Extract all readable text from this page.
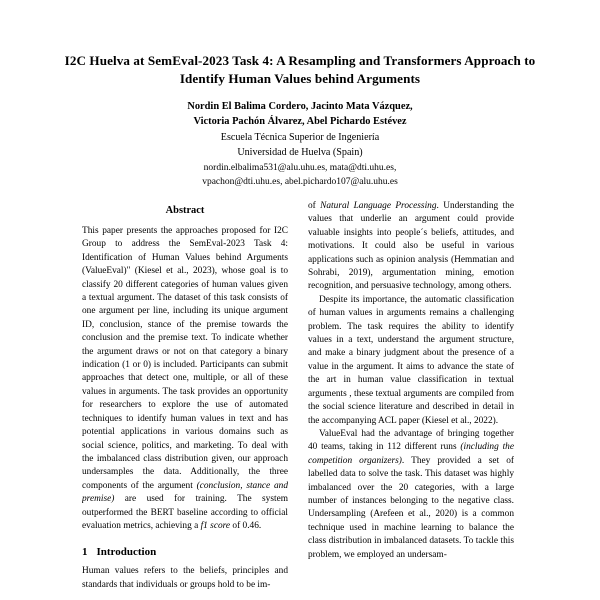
I2C Huelva at SemEval-2023 Task 4: A Resampling and Transformers Approach to Identify Human Values behind Arguments
Nordin El Balima Cordero, Jacinto Mata Vázquez,
Victoria Pachón Álvarez, Abel Pichardo Estévez
Escuela Técnica Superior de Ingeniería
Universidad de Huelva (Spain)
nordin.elbalima531@alu.uhu.es, mata@dti.uhu.es,
vpachon@dti.uhu.es, abel.pichardo107@alu.uhu.es
Abstract

This paper presents the approaches proposed for I2C Group to address the SemEval-2023 Task 4: Identification of Human Values behind Arguments (ValueEval)" (Kiesel et al., 2023), whose goal is to classify 20 different categories of human values given a textual argument. The dataset of this task consists of one argument per line, including its unique argument ID, conclusion, stance of the premise towards the conclusion and the premise text. To indicate whether the argument draws or not on that category a binary indication (1 or 0) is included. Participants can submit approaches that detect one, multiple, or all of these values in arguments. The task provides an opportunity for researchers to explore the use of automated techniques to identify human values in text and has potential applications in various domains such as social science, politics, and marketing. To deal with the imbalanced class distribution given, our approach undersamples the data. Additionally, the three components of the argument (conclusion, stance and premise) are used for training. The system outperformed the BERT baseline according to official evaluation metrics, achieving a f1 score of 0.46.

1 Introduction

Human values refers to the beliefs, principles and standards that individuals or groups hold to be im-

of Natural Language Processing. Understanding the values that underlie an argument could provide valuable insights into people´s beliefs, attitudes, and motivations. It could also be useful in various applications such as opinion analysis (Hemmatian and Sohrabi, 2019), argumentation mining, emotion recognition, and persuasive technology, among others.

Despite its importance, the automatic classification of human values in arguments remains a challenging problem. The task requires the ability to identify values in a text, understand the argument structure, and make a binary judgment about the presence of a value in the argument. It aims to advance the state of the art in human value classification in textual arguments , these textual arguments are compiled from the social science literature and described in detail in the accompanying ACL paper (Kiesel et al., 2022).

ValueEval had the advantage of bringing together 40 teams, taking in 112 different runs (including the competition organizers). They provided a set of labelled data to solve the task. This dataset was highly imbalanced over the 20 categories, with a large number of instances belonging to the negative class. Undersampling (Arefeen et al., 2020) is a common technique used in machine learning to balance the class distribution in imbalanced datasets. To tackle this problem, we employed an undersam-
